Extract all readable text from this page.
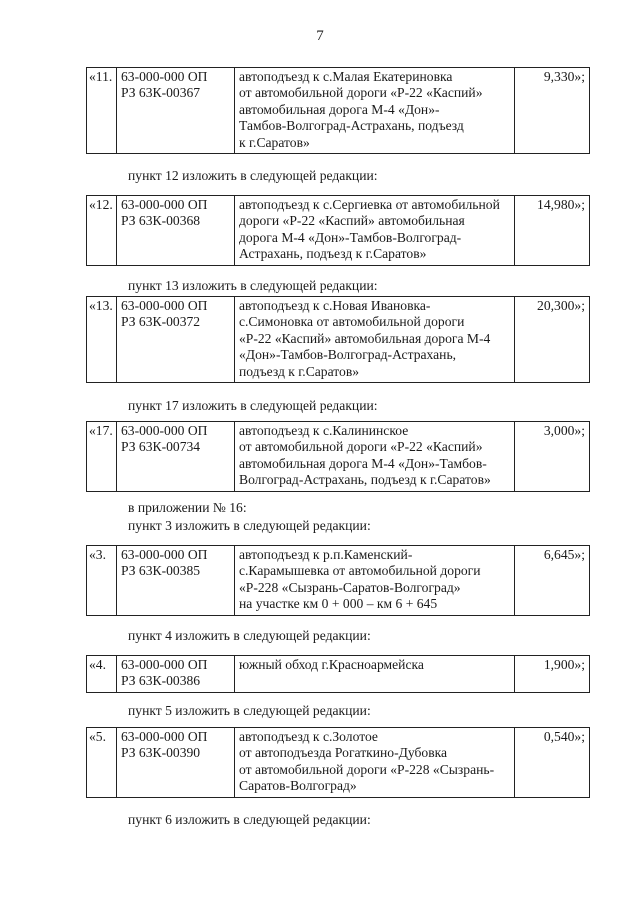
7
«11.	63-000-000 ОП
РЗ 63К-00367

автоподъезд к с.Малая Екатериновка
от автомобильной дороги «Р-22 «Каспий»
автомобильная дорога М-4 «Дон»-
Тамбов-Волгоград-Астрахань, подъезд
к г.Саратов»
	9,330»;
пункт 12 изложить в следующей редакции:
«12.	63-000-000 ОП
РЗ 63К-00368

автоподъезд к с.Сергиевка от автомобильной
дороги «Р-22 «Каспий» автомобильная
дорога М-4 «Дон»-Тамбов-Волгоград-
Астрахань, подъезд к г.Саратов»
	14,980»;
пункт 13 изложить в следующей редакции:
«13.	63-000-000 ОП
РЗ 63К-00372

автоподъезд к с.Новая Ивановка-
с.Симоновка от автомобильной дороги
«Р-22 «Каспий» автомобильная дорога М-4
«Дон»-Тамбов-Волгоград-Астрахань,
подъезд к г.Саратов»
	20,300»;
пункт 17 изложить в следующей редакции:
«17.	63-000-000 ОП
РЗ 63К-00734

автоподъезд к с.Калининское
от автомобильной дороги «Р-22 «Каспий»
автомобильная дорога М-4 «Дон»-Тамбов-
Волгоград-Астрахань, подъезд к г.Саратов»
	3,000»;
в приложении № 16:
пункт 3 изложить в следующей редакции:
«3.	63-000-000 ОП
РЗ 63К-00385

автоподъезд к р.п.Каменский-
с.Карамышевка от автомобильной дороги
«Р-228 «Сызрань-Саратов-Волгоград»
на участке км 0 + 000 – км 6 + 645
	6,645»;
пункт 4 изложить в следующей редакции:
«4.	63-000-000 ОП
РЗ 63К-00386

южный обход г.Красноармейска	1,900»;
пункт 5 изложить в следующей редакции:
«5.	63-000-000 ОП
РЗ 63К-00390

автоподъезд к с.Золотое
от автоподъезда Рогаткино-Дубовка
от автомобильной дороги «Р-228 «Сызрань-
Саратов-Волгоград»
	0,540»;
пункт 6 изложить в следующей редакции:
